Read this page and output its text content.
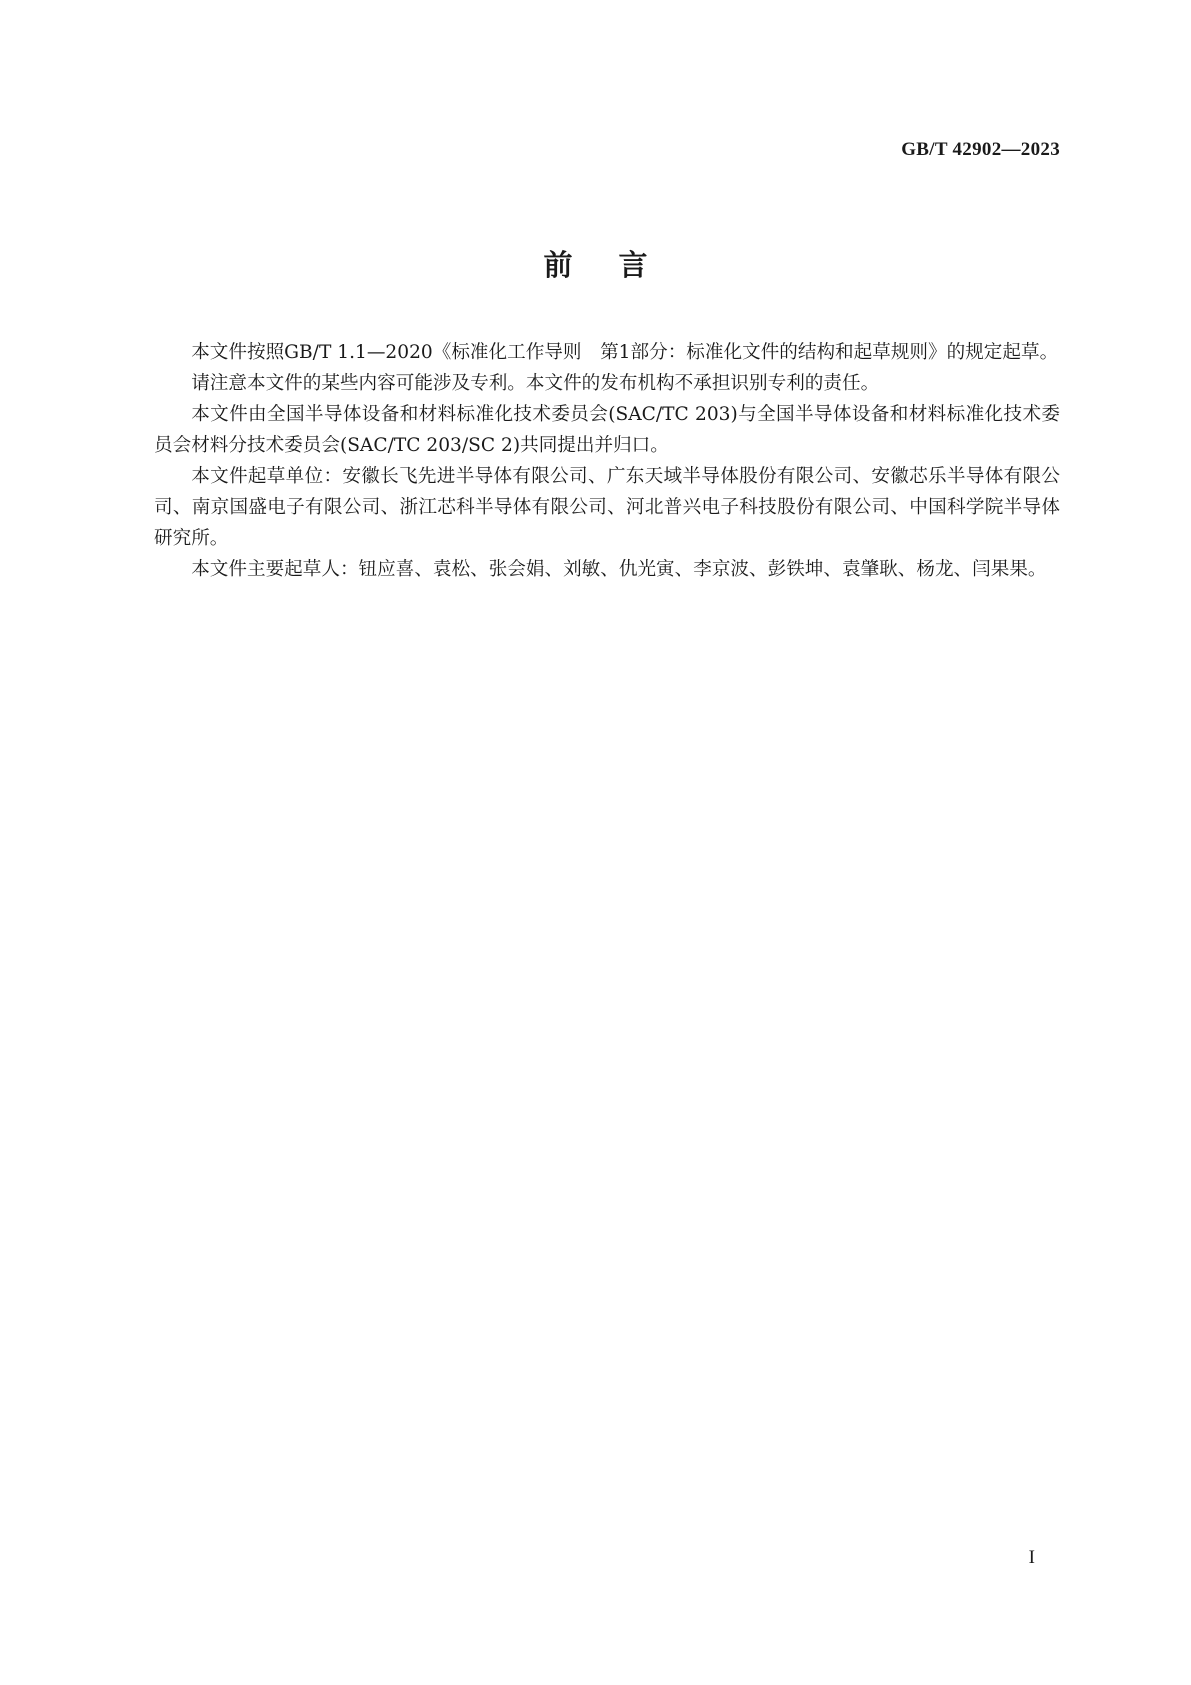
GB/T 42902—2023
前言

本文件按照GB/T 1.1—2020《标准化工作导则　第1部分：标准化文件的结构和起草规则》的规定起草。

请注意本文件的某些内容可能涉及专利。本文件的发布机构不承担识别专利的责任。

本文件由全国半导体设备和材料标准化技术委员会(SAC/TC 203)与全国半导体设备和材料标准化技术委员会材料分技术委员会(SAC/TC 203/SC 2)共同提出并归口。

本文件起草单位：安徽长飞先进半导体有限公司、广东天域半导体股份有限公司、安徽芯乐半导体有限公司、南京国盛电子有限公司、浙江芯科半导体有限公司、河北普兴电子科技股份有限公司、中国科学院半导体研究所。

本文件主要起草人：钮应喜、袁松、张会娟、刘敏、仇光寅、李京波、彭铁坤、袁肇耿、杨龙、闫果果。

I
